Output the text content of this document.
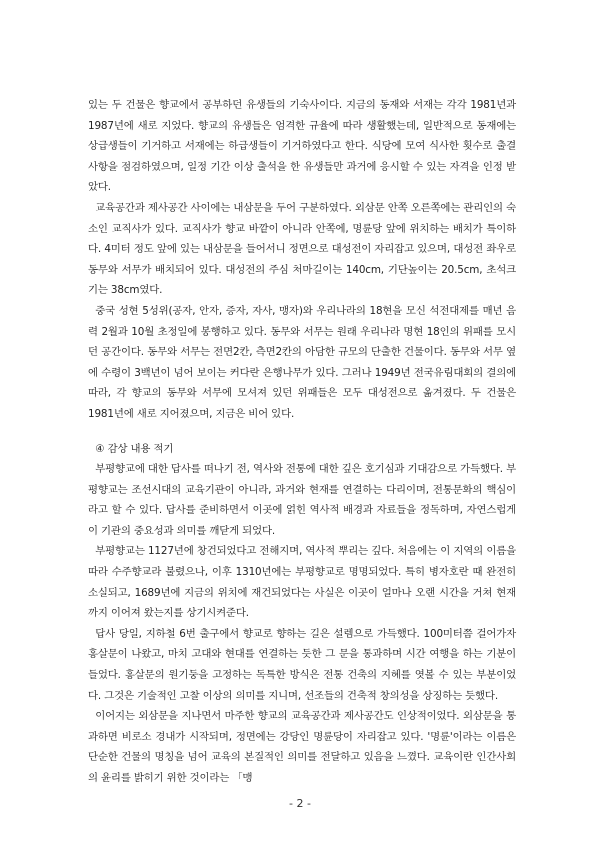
있는 두 건물은 향교에서 공부하던 유생들의 기숙사이다. 지금의 동재와 서재는 각각 1981년과 1987년에 새로 지었다. 향교의 유생들은 엄격한 규율에 따라 생활했는데, 일반적으로 동재에는 상급생들이 기거하고 서재에는 하급생들이 기거하였다고 한다. 식당에 모여 식사한 횟수로 출결사항을 점검하였으며, 일정 기간 이상 출석을 한 유생들만 과거에 응시할 수 있는 자격을 인정 받았다.

교육공간과 제사공간 사이에는 내삼문을 두어 구분하였다. 외삼문 안쪽 오른쪽에는 관리인의 숙소인 교직사가 있다. 교직사가 향교 바깥이 아니라 안쪽에, 명륜당 앞에 위치하는 배치가 특이하다. 4미터 정도 앞에 있는 내삼문을 들어서니 정면으로 대성전이 자리잡고 있으며, 대성전 좌우로 동무와 서무가 배치되어 있다. 대성전의 주심 처마길이는 140cm, 기단높이는 20.5cm, 초석크기는 38cm였다.

중국 성현 5성위(공자, 안자, 증자, 자사, 맹자)와 우리나라의 18현을 모신 석전대제를 매년 음력 2월과 10월 초정일에 봉행하고 있다. 동무와 서무는 원래 우리나라 명현 18인의 위패를 모시던 공간이다. 동무와 서무는 전면2칸, 측면2칸의 아담한 규모의 단출한 건물이다. 동무와 서무 옆에 수령이 3백년이 넘어 보이는 커다란 은행나무가 있다. 그러나 1949년 전국유림대회의 결의에 따라, 각 향교의 동무와 서무에 모셔져 있던 위패들은 모두 대성전으로 옮겨졌다. 두 건물은 1981년에 새로 지어졌으며, 지금은 비어 있다.

④ 감상 내용 적기

부평향교에 대한 답사를 떠나기 전, 역사와 전통에 대한 깊은 호기심과 기대감으로 가득했다. 부평향교는 조선시대의 교육기관이 아니라, 과거와 현재를 연결하는 다리이며, 전통문화의 핵심이라고 할 수 있다. 답사를 준비하면서 이곳에 얽힌 역사적 배경과 자료들을 정독하며, 자연스럽게 이 기관의 중요성과 의미를 깨닫게 되었다.

부평향교는 1127년에 창건되었다고 전해지며, 역사적 뿌리는 깊다. 처음에는 이 지역의 이름을 따라 수주향교라 불렸으나, 이후 1310년에는 부평향교로 명명되었다. 특히 병자호란 때 완전히 소실되고, 1689년에 지금의 위치에 재건되었다는 사실은 이곳이 얼마나 오랜 시간을 거쳐 현재까지 이어져 왔는지를 상기시켜준다.

답사 당일, 지하철 6번 출구에서 향교로 향하는 길은 설렘으로 가득했다. 100미터쯤 걸어가자 홍살문이 나왔고, 마치 고대와 현대를 연결하는 듯한 그 문을 통과하며 시간 여행을 하는 기분이 들었다. 홍살문의 원기둥을 고정하는 독특한 방식은 전통 건축의 지혜를 엿볼 수 있는 부분이었다. 그것은 기술적인 고찰 이상의 의미를 지니며, 선조들의 건축적 창의성을 상징하는 듯했다.

이어지는 외삼문을 지나면서 마주한 향교의 교육공간과 제사공간도 인상적이었다. 외삼문을 통과하면 비로소 경내가 시작되며, 정면에는 강당인 명륜당이 자리잡고 있다. '명륜'이라는 이름은 단순한 건물의 명칭을 넘어 교육의 본질적인 의미를 전달하고 있음을 느꼈다. 교육이란 인간사회의 윤리를 밝히기 위한 것이라는 「맹

- 2 -
